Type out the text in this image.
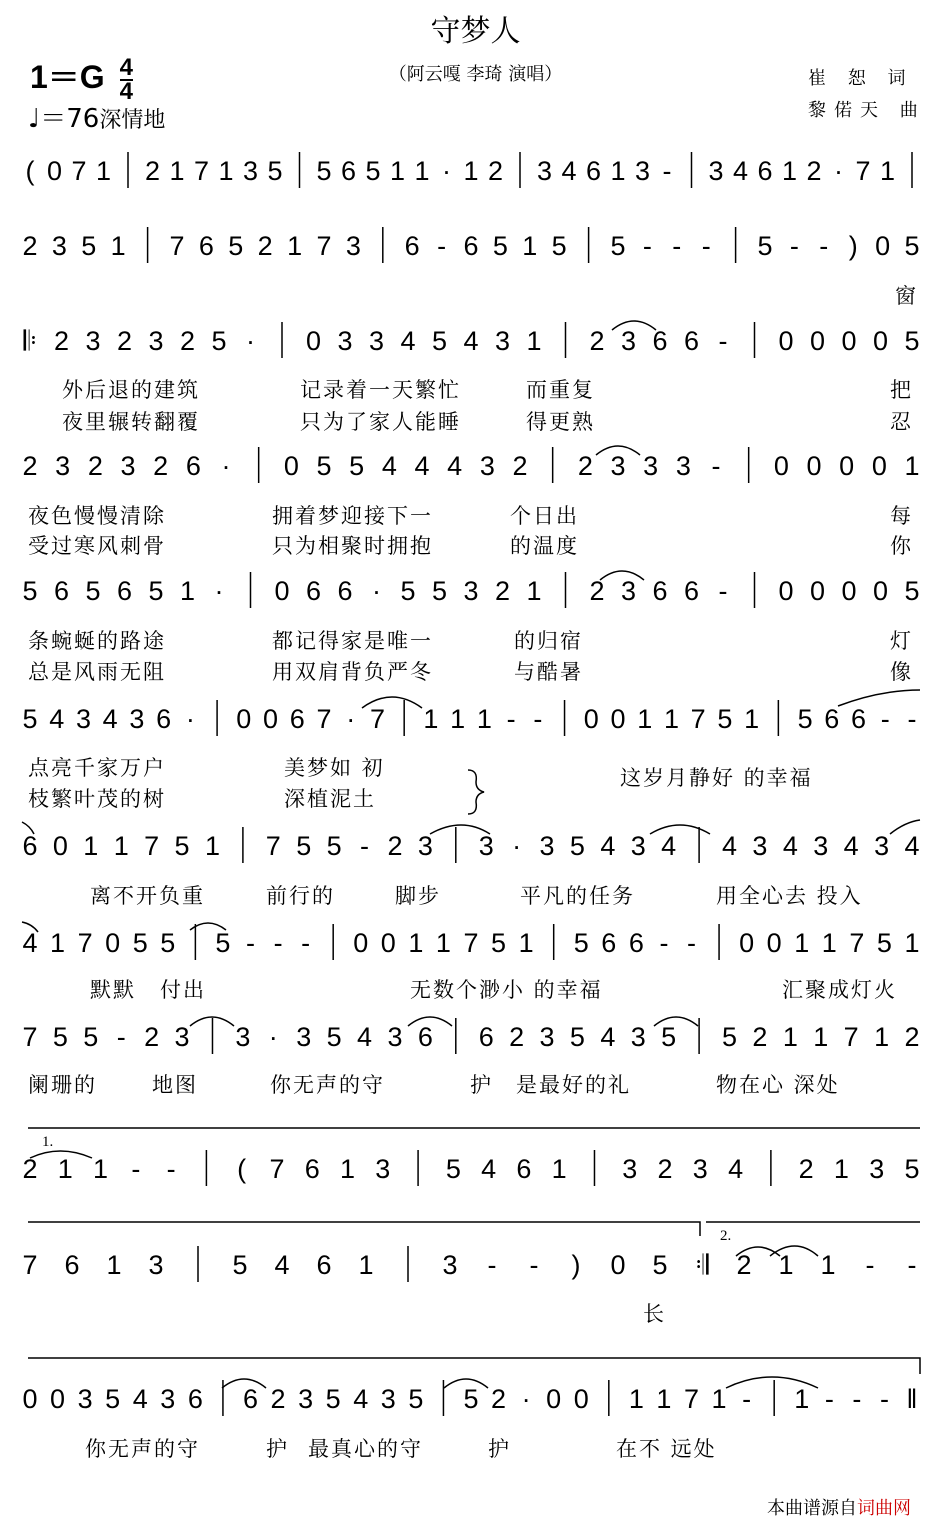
守梦人
（阿云嘎 李琦 演唱）
$1=G \frac{4}{4}$
♩＝76深情地
崔 恕 词
黎偌天 曲
( 0 7 1 2 1 7 1 3 5 5 6 5 1 1 · 1 2 3 4 6 1 3 - 3 4 6 1 2 · 7 1
2 3 5 1 7 6 5 2 1 7 3 6 - 6 5 1 5 5 - - - 5 - - ) 0 5
𝄆 2 3 2 3 2 5 · 0 3 3 4 5 4 3 1 2 3 6 6 - 0 0 0 0 5
2 3 2 3 2 6 · 0 5 5 4 4 4 3 2 2 3 3 3 - 0 0 0 0 1
5 6 5 6 5 1 · 0 6 6 · 5 5 3 2 1 2 3 6 6 - 0 0 0 0 5
5 4 3 4 3 6 · 0 0 6 7 · 7 1 1 1 - - 0 0 1 1 7 5 1 5 6 6 - -
6 0 1 1 7 5 1 7 5 5 - 2 3 3 · 3 5 4 3 4 4 3 4 3 4 3 4
4 1 7 0 5 5 5 - - - 0 0 1 1 7 5 1 5 6 6 - - 0 0 1 1 7 5 1
7 5 5 - 2 3 3 · 3 5 4 3 6 6 2 3 5 4 3 5 5 2 1 1 7 1 2
2 1 1 - - ( 7 6 1 3 5 4 6 1 3 2 3 4 2 1 3 5
7 6 1 3	5 4 6 1	3 - - ) 0 5 𝄇 2 1 1 - -
0 0 3 5 4 3 6 6 2 3 5 4 3 5 5 2 · 0 0 1 1 7 1 - 1 - - - ‖
窗
外后退的建筑	记录着一天繁忙	而重复	把
夜里辗转翻覆	只为了家人能睡	得更熟	忍
夜色慢慢清除	拥着梦迎接下一	个日出	每
受过寒风刺骨	只为相聚时拥抱	的温度	你
条蜿蜒的路途	都记得家是唯一	的归宿	灯
总是风雨无阻	用双肩背负严冬	与酷暑	像
点亮千家万户	美梦如 初	这岁月静好 的幸福
枝繁叶茂的树	深植泥土
离不开负重	前行的	脚步	平凡的任务	用全心去 投入
默默 付出	无数个渺小 的幸福	汇聚成灯火
阑珊的	地图	你无声的守	护 是最好的礼	物在心 深处
长
你无声的守	护 最真心的守	护	在不 远处
1.
2.
本曲谱源自词曲网
